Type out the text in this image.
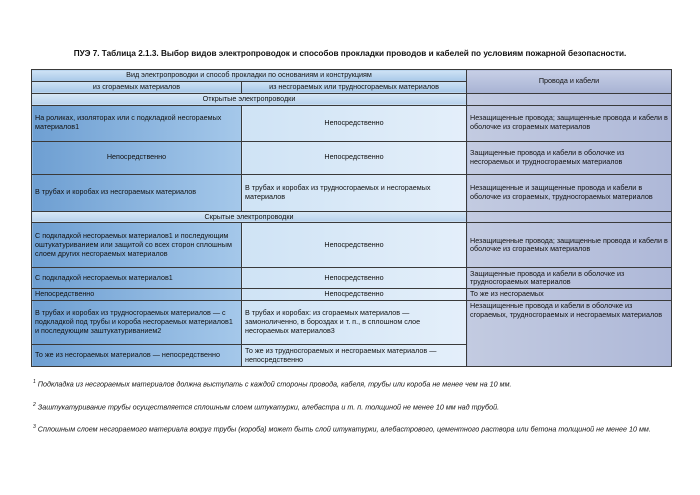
ПУЭ 7. Таблица 2.1.3. Выбор видов электропроводок и способов прокладки проводов и кабелей по условиям пожарной безопасности.
Вид электропроводки и способ прокладки по основаниям и конструкциям		Провода и кабели
из сгораемых материалов	из несгораемых или трудносгораемых материалов	
Открытые электропроводки		
На роликах, изоляторах или с подкладкой несгораемых материалов1	Непосредственно	Незащищенные провода; защищенные провода и кабели в оболочке из сгораемых материалов
Непосредственно	Непосредственно	Защищенные провода и кабели в оболочке из несгораемых и трудносгораемых материалов
В трубах и коробах из несгораемых материалов	В трубах и коробах из трудносгораемых и несгораемых материалов	Незащищенные и защищенные провода и кабели в оболочке из сгораемых, трудносгораемых материалов
Скрытые электропроводки		
С подкладкой несгораемых материалов1 и последующим оштукатуриванием или защитой со всех сторон сплошным слоем других несгораемых материалов	Непосредственно	Незащищенные провода; защищенные провода и кабели в оболочке из сгораемых материалов
С подкладкой несгораемых материалов1	Непосредственно	Защищенные провода и кабели в оболочке из трудносгораемых материалов
Непосредственно	Непосредственно	То же из несгораемых
В трубах и коробах из трудносгораемых материалов — с подкладкой под трубы и короба несгораемых материалов1 и последующим заштукатуриванием2	В трубах и коробах: из сгораемых материалов — замоноличенно, в бороздах и т. п., в сплошном слое несгораемых материалов3	Незащищенные провода и кабели в оболочке из сгораемых, трудносгораемых и несгораемых материалов
То же из несгораемых материалов — непосредственно	То же из трудносгораемых и несгораемых материалов — непосредственно	
$^1$ Подкладка из несгораемых материалов должна выступать с каждой стороны провода, кабеля, трубы или короба не менее чем на 10 мм.
$^2$ Заштукатуривание трубы осуществляется сплошным слоем штукатурки, алебастра и т. п. толщиной не менее 10 мм над трубой.
$^3$ Сплошным слоем несгораемого материала вокруг трубы (короба) может быть слой штукатурки, алебастрового, цементного раствора или бетона толщиной не менее 10 мм.
